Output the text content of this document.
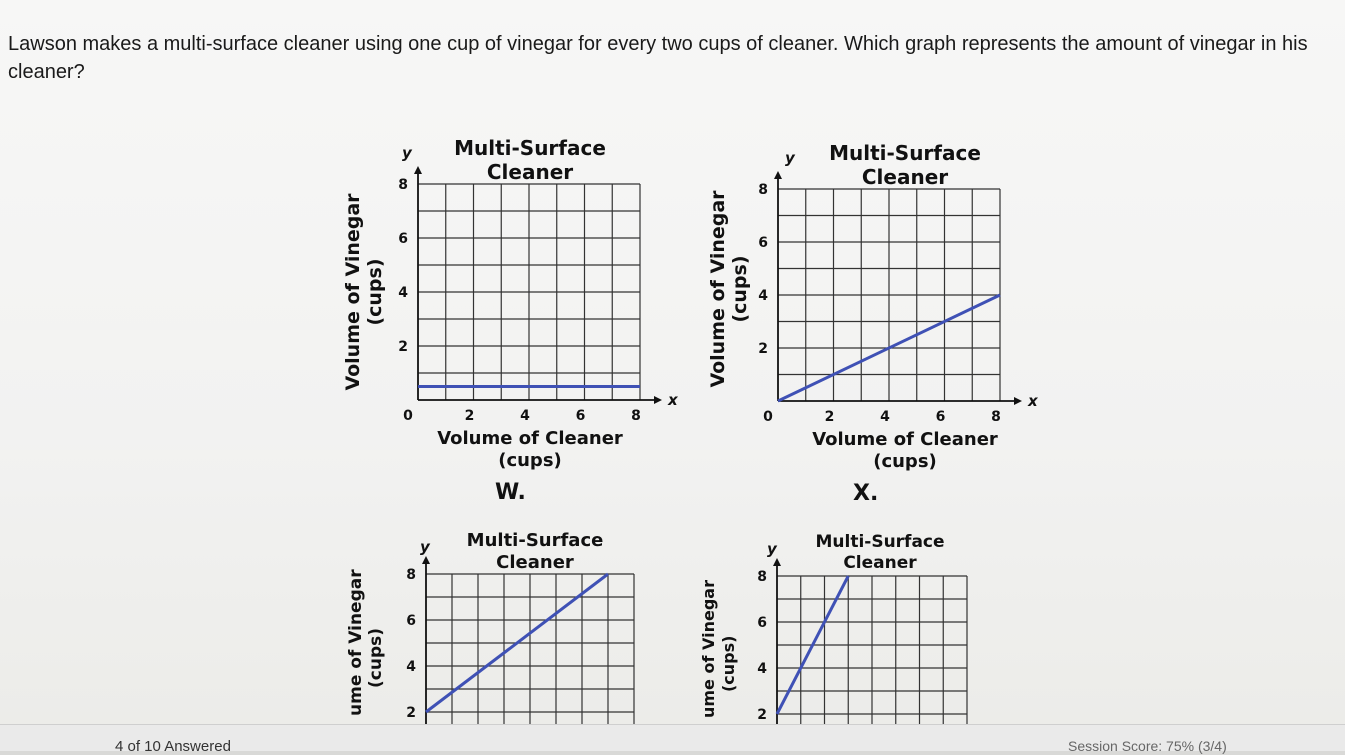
Lawson makes a multi-surface cleaner using one cup of vinegar for every two cups of cleaner. Which graph represents the amount of vinegar in his cleaner?
y	Multi-Surface
Cleaner
Volume of Vinegar (cups)
2
4
6
8
0	2	4	6	8
x
Volume of Cleaner
(cups)
W.
y	Multi-Surface
Cleaner
Volume of Vinegar (cups)
2
4
6
8
0	2	4	6	8
x
Volume of Cleaner
(cups)
X.
y	Multi-Surface
Cleaner
ume of Vinegar (cups)
2
4
6
8
y	Multi-Surface
Cleaner
ume of Vinegar (cups)
2
4
6
8
4 of 10 Answered	Session Score: 75% (3/4)
